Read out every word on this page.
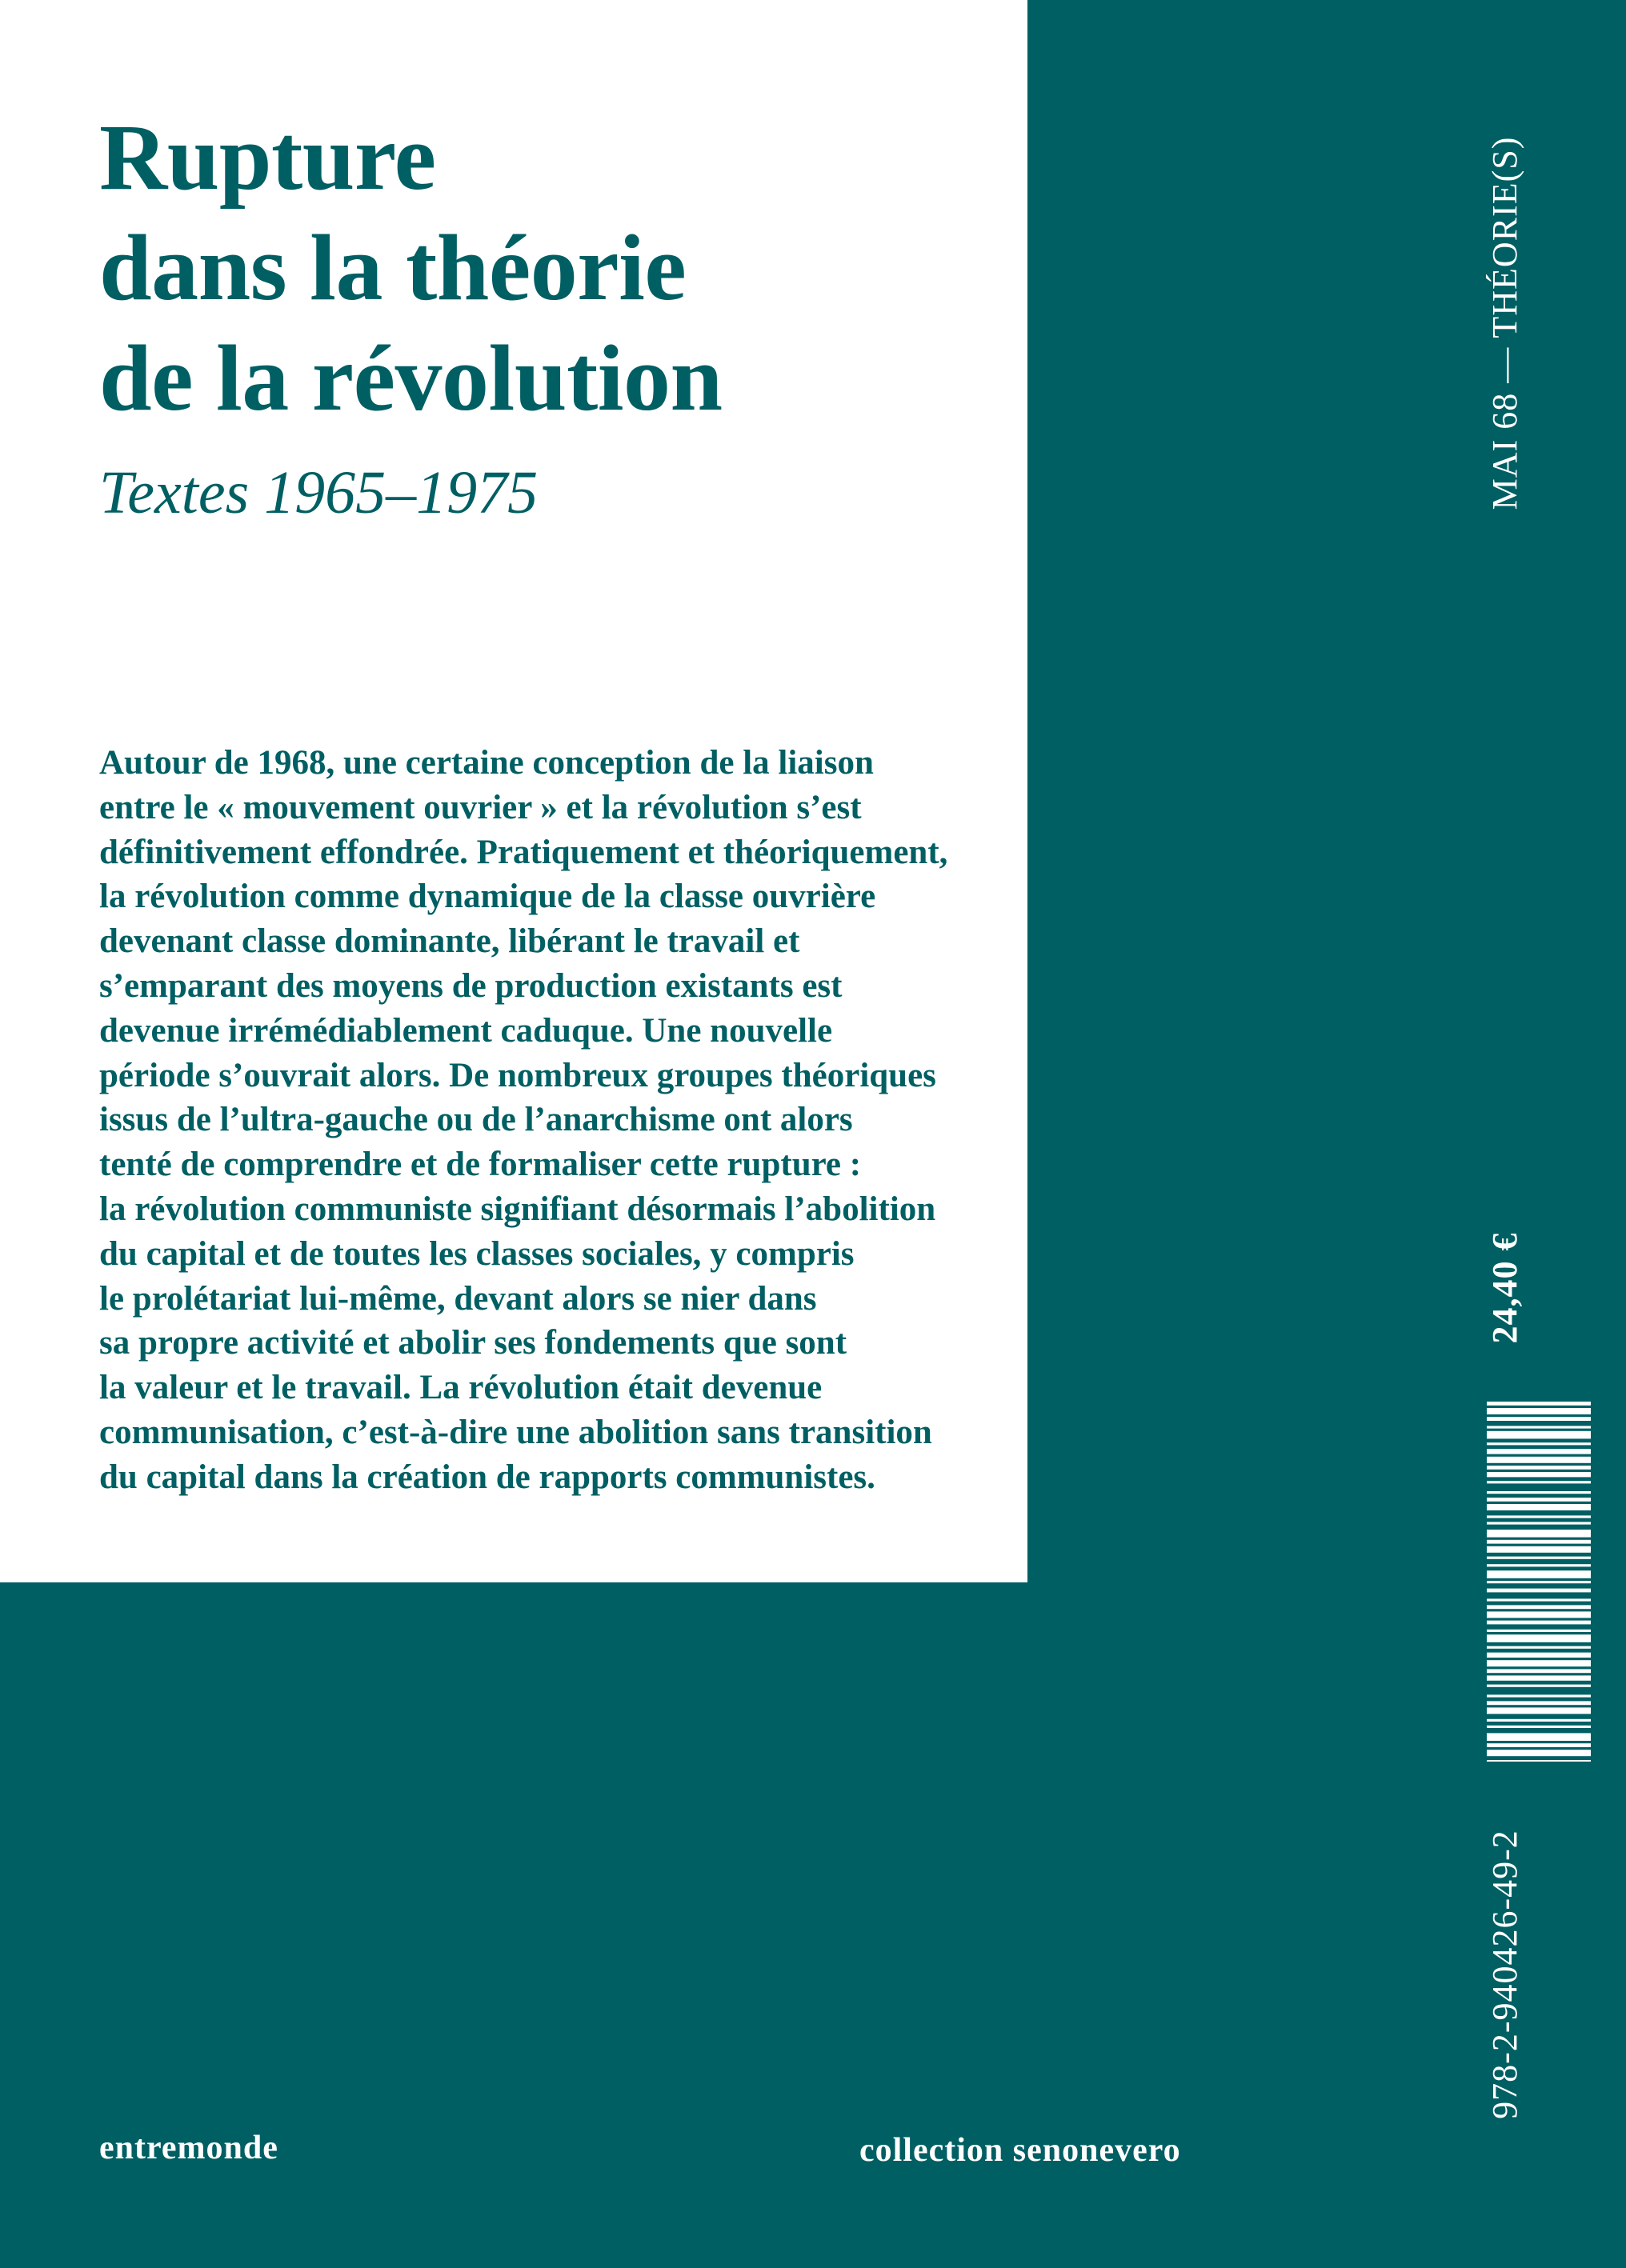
Rupture
dans la théorie
de la révolution

Textes 1965–1975

Autour de 1968, une certaine conception de la liaison
entre le « mouvement ouvrier » et la révolution s’est
définitivement effondrée. Pratiquement et théoriquement,
la révolution comme dynamique de la classe ouvrière
devenant classe dominante, libérant le travail et
s’emparant des moyens de production existants est
devenue irrémédiablement caduque. Une nouvelle
période s’ouvrait alors. De nombreux groupes théoriques
issus de l’ultra-gauche ou de l’anarchisme ont alors
tenté de comprendre et de formaliser cette rupture :
la révolution communiste signifiant désormais l’abolition
du capital et de toutes les classes sociales, y compris
le prolétariat lui-même, devant alors se nier dans
sa propre activité et abolir ses fondements que sont
la valeur et le travail. La révolution était devenue
communisation, c’est-à-dire une abolition sans transition
du capital dans la création de rapports communistes.
MAI 68 — THÉORIE(S)
24,40 €
978-2-940426-49-2
entremonde	collection senonevero
